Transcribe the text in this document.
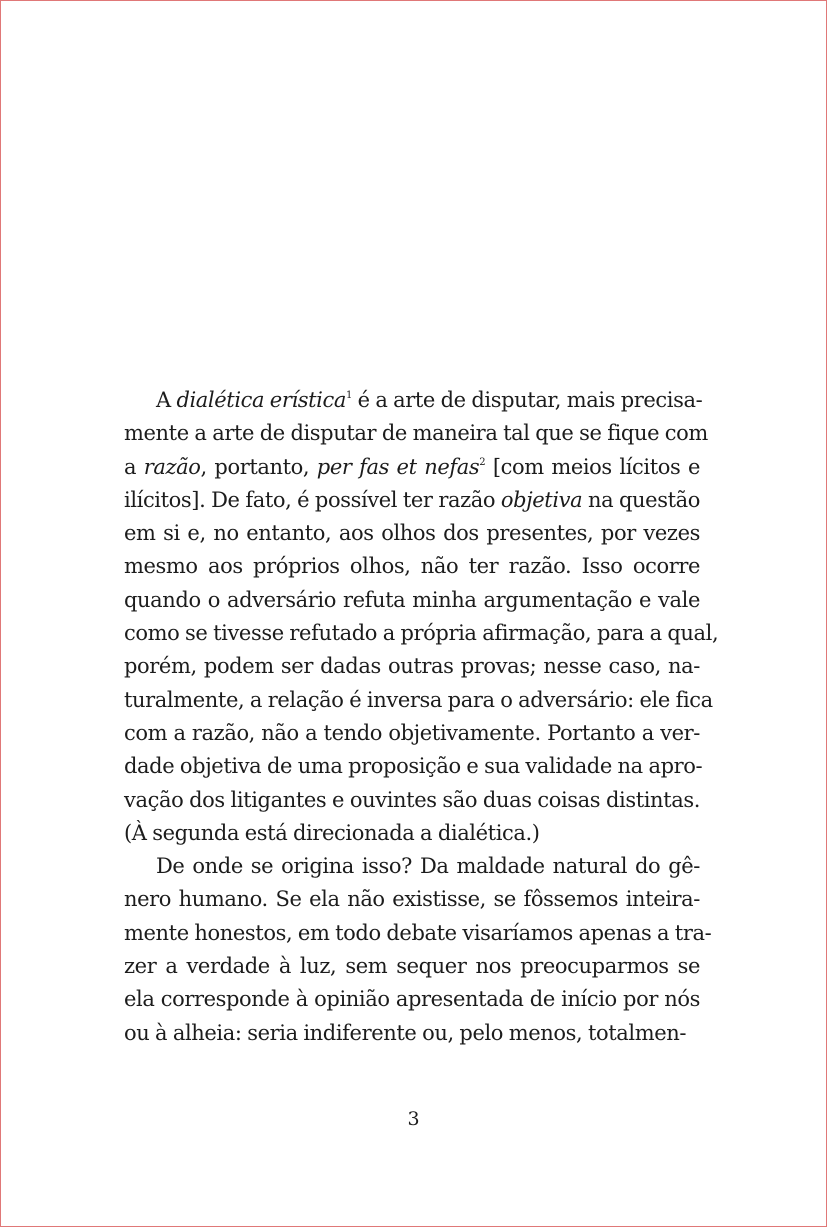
A dialética erística$^1$ é a arte de disputar, mais precisa-
mente a arte de disputar de maneira tal que se fique com
a razão, portanto, per fas et nefas$^2$ [com meios lícitos e
ilícitos]. De fato, é possível ter razão objetiva na questão
em si e, no entanto, aos olhos dos presentes, por vezes
mesmo aos próprios olhos, não ter razão. Isso ocorre
quando o adversário refuta minha argumentação e vale
como se tivesse refutado a própria afirmação, para a qual,
porém, podem ser dadas outras provas; nesse caso, na-
turalmente, a relação é inversa para o adversário: ele fica
com a razão, não a tendo objetivamente. Portanto a ver-
dade objetiva de uma proposição e sua validade na apro-
vação dos litigantes e ouvintes são duas coisas distintas.
(À segunda está direcionada a dialética.)
De onde se origina isso? Da maldade natural do gê-
nero humano. Se ela não existisse, se fôssemos inteira-
mente honestos, em todo debate visaríamos apenas a tra-
zer a verdade à luz, sem sequer nos preocuparmos se
ela corresponde à opinião apresentada de início por nós
ou à alheia: seria indiferente ou, pelo menos, totalmen-
3
